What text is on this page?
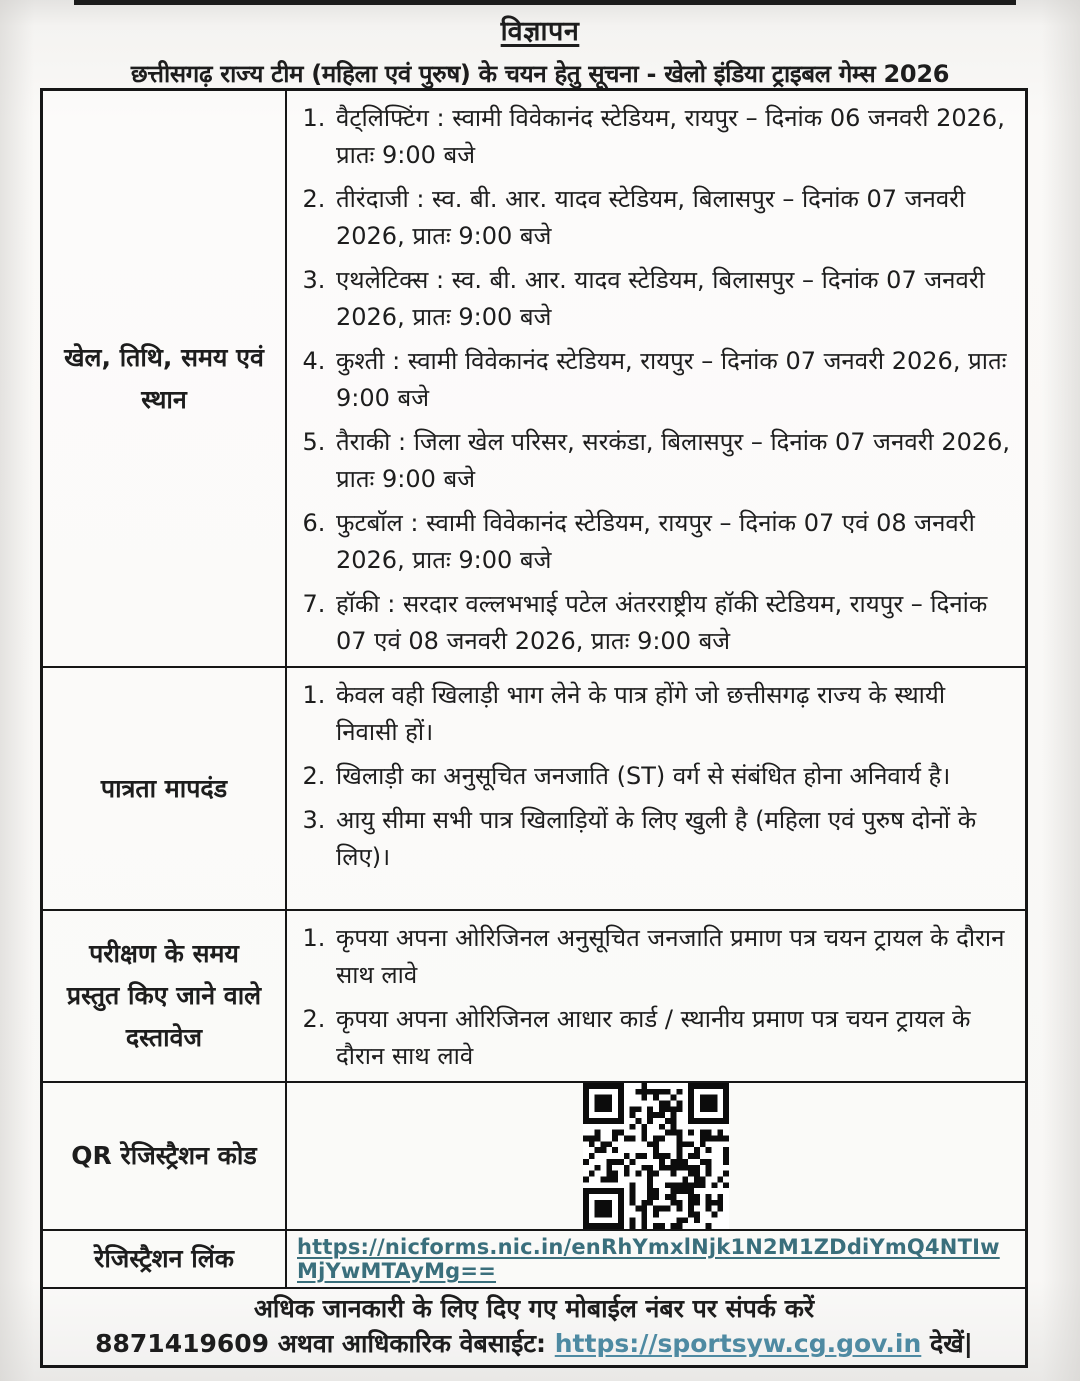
विज्ञापन
छत्तीसगढ़ राज्य टीम (महिला एवं पुरुष) के चयन हेतु सूचना - खेलो इंडिया ट्राइबल गेम्स 2026
खेल, तिथि, समय एवं स्थान
1. वैट्लिफ्टिंग : स्वामी विवेकानंद स्टेडियम, रायपुर – दिनांक 06 जनवरी 2026, प्रातः 9:00 बजे
2. तीरंदाजी : स्व. बी. आर. यादव स्टेडियम, बिलासपुर – दिनांक 07 जनवरी 2026, प्रातः 9:00 बजे
3. एथलेटिक्स : स्व. बी. आर. यादव स्टेडियम, बिलासपुर – दिनांक 07 जनवरी 2026, प्रातः 9:00 बजे
4. कुश्ती : स्वामी विवेकानंद स्टेडियम, रायपुर – दिनांक 07 जनवरी 2026, प्रातः 9:00 बजे
5. तैराकी : जिला खेल परिसर, सरकंडा, बिलासपुर – दिनांक 07 जनवरी 2026, प्रातः 9:00 बजे
6. फुटबॉल : स्वामी विवेकानंद स्टेडियम, रायपुर – दिनांक 07 एवं 08 जनवरी 2026, प्रातः 9:00 बजे
7. हॉकी : सरदार वल्लभभाई पटेल अंतरराष्ट्रीय हॉकी स्टेडियम, रायपुर – दिनांक 07 एवं 08 जनवरी 2026, प्रातः 9:00 बजे
पात्रता मापदंड
1. केवल वही खिलाड़ी भाग लेने के पात्र होंगे जो छत्तीसगढ़ राज्य के स्थायी निवासी हों।
2. खिलाड़ी का अनुसूचित जनजाति (ST) वर्ग से संबंधित होना अनिवार्य है।
3. आयु सीमा सभी पात्र खिलाड़ियों के लिए खुली है (महिला एवं पुरुष दोनों के लिए)।
परीक्षण के समय प्रस्तुत किए जाने वाले दस्तावेज
1. कृपया अपना ओरिजिनल अनुसूचित जनजाति प्रमाण पत्र चयन ट्रायल के दौरान साथ लावे
2. कृपया अपना ओरिजिनल आधार कार्ड / स्थानीय प्रमाण पत्र चयन ट्रायल के दौरान साथ लावे
QR रेजिस्ट्रैशन कोड
रेजिस्ट्रैशन लिंक	https://nicforms.nic.in/enRhYmxlNjk1N2M1ZDdiYmQ4NTIwMjYwMTAyMg==
अधिक जानकारी के लिए दिए गए मोबाईल नंबर पर संपर्क करें
8871419609 अथवा आधिकारिक वेबसाईट: https://sportsyw.cg.gov.in देखें|
